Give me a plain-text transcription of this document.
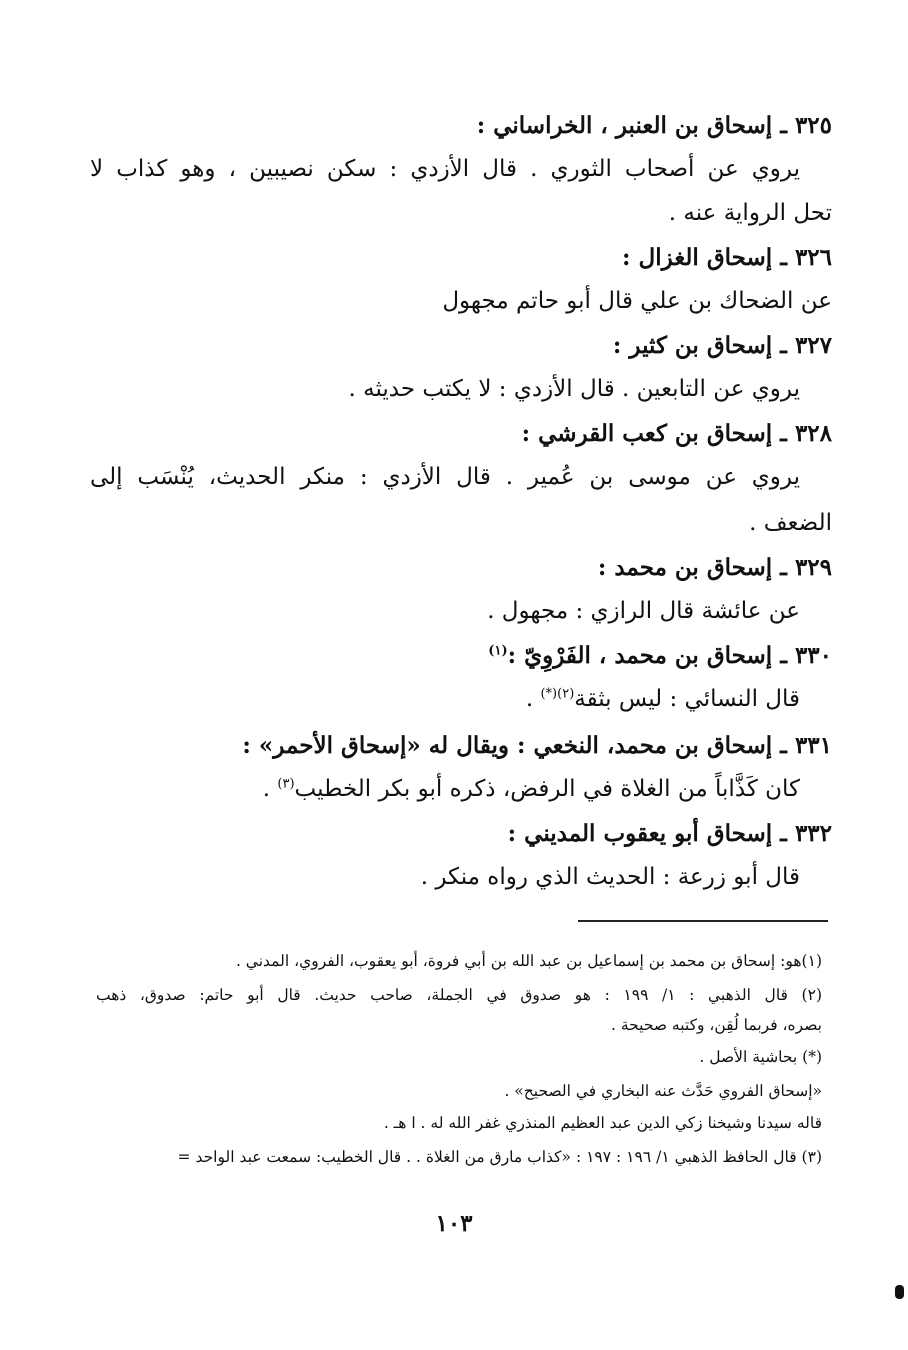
٣٢٥ ـ إسحاق بن العنبر ، الخراساني :
يروي عن أصحاب الثوري . قال الأزدي : سكن نصيبين ، وهو كذاب لا
تحل الرواية عنه .
٣٢٦ ـ إسحاق الغزال :
عن الضحاك بن علي قال أبو حاتم مجهول
٣٢٧ ـ إسحاق بن كثير :
يروي عن التابعين . قال الأزدي : لا يكتب حديثه .
٣٢٨ ـ إسحاق بن كعب القرشي :
يروي عن موسى بن عُمير . قال الأزدي : منكر الحديث، يُنْسَب إلى
الضعف .
٣٢٩ ـ إسحاق بن محمد :
عن عائشة قال الرازي : مجهول .
٣٣٠ ـ إسحاق بن محمد ، الفَرْوِيّ :$^{(١)}$
قال النسائي : ليس بثقة$^{(٢)(*)}$ .
٣٣١ ـ إسحاق بن محمد، النخعي : ويقال له «إسحاق الأحمر» :
كان كَذَّاباً من الغلاة في الرفض، ذكره أبو بكر الخطيب$^{(٣)}$ .
٣٣٢ ـ إسحاق أبو يعقوب المديني :
قال أبو زرعة : الحديث الذي رواه منكر .
(١)هو: إسحاق بن محمد بن إسماعيل بن عبد الله بن أبي فروة، أبو يعقوب، الفروي، المدني .
(٢) قال الذهبي : ١/ ١٩٩ : هو صدوق في الجملة، صاحب حديث. قال أبو حاتم: صدوق، ذهب
بصره، فربما لُقِن، وكتبه صحيحة .
(*) بحاشية الأصل .
«إسحاق الفروي حَدَّث عنه البخاري في الصحيح» .
قاله سيدنا وشيخنا زكي الدين عبد العظيم المنذري غفر الله له . ا هـ .
(٣) قال الحافظ الذهبي ١/ ١٩٦ : ١٩٧ : «كذاب مارق من الغلاة . . قال الخطيب: سمعت عبد الواحد =
١٠٣
